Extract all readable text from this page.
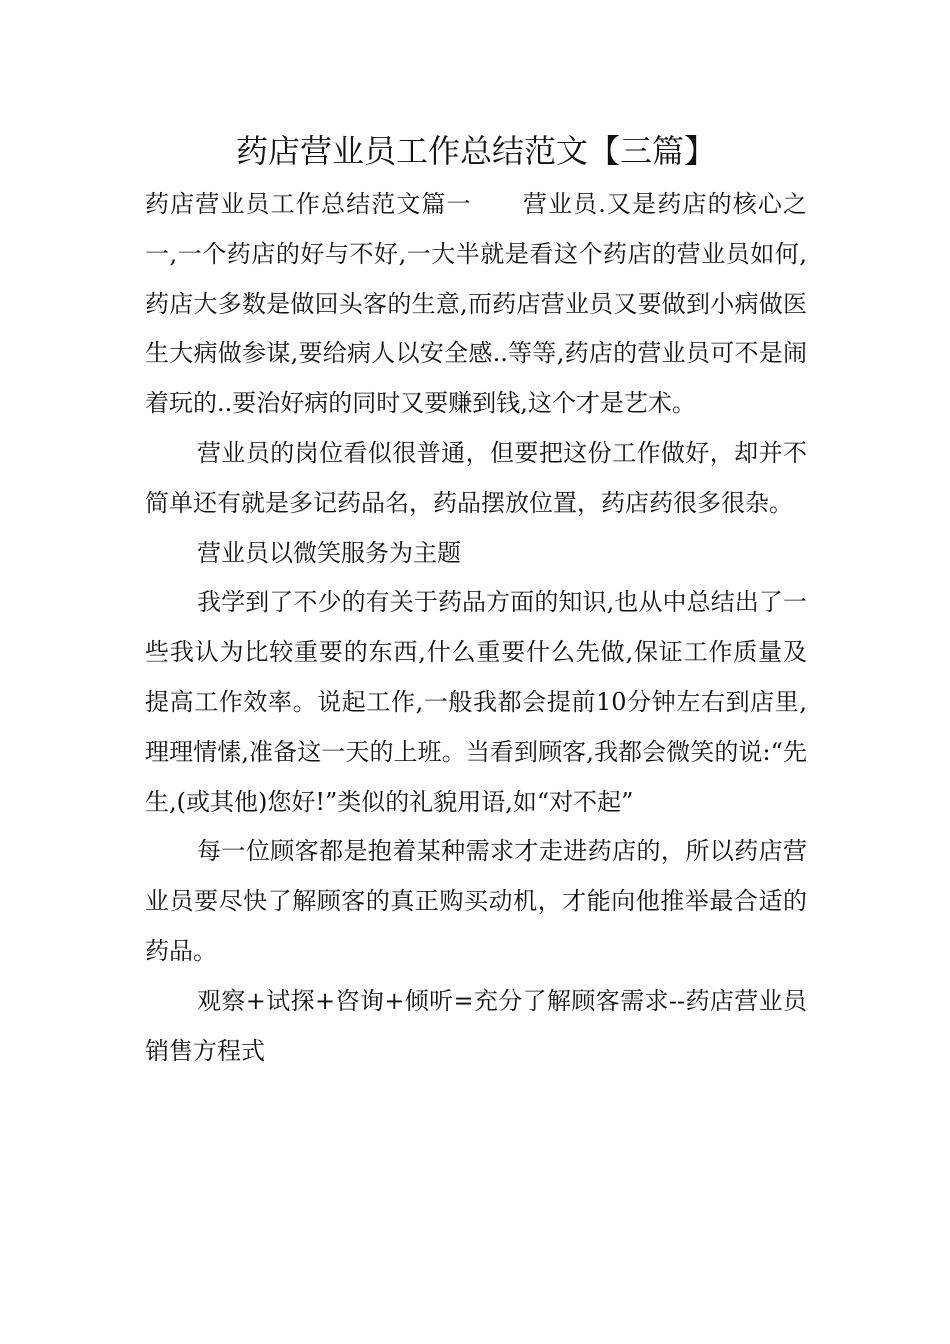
药店营业员工作总结范文【三篇】

药店营业员工作总结范文篇一 营业员.又是药店的核心之一,一个药店的好与不好,一大半就是看这个药店的营业员如何,药店大多数是做回头客的生意,而药店营业员又要做到小病做医生大病做参谋,要给病人以安全感..等等,药店的营业员可不是闹着玩的..要治好病的同时又要赚到钱,这个才是艺术。

营业员的岗位看似很普通，但要把这份工作做好，却并不简单还有就是多记药品名，药品摆放位置，药店药很多很杂。

营业员以微笑服务为主题

我学到了不少的有关于药品方面的知识,也从中总结出了一些我认为比较重要的东西,什么重要什么先做,保证工作质量及提高工作效率。说起工作,一般我都会提前10分钟左右到店里,理理情愫,准备这一天的上班。当看到顾客,我都会微笑的说:“先生,(或其他)您好!”类似的礼貌用语,如“对不起”

每一位顾客都是抱着某种需求才走进药店的，所以药店营业员要尽快了解顾客的真正购买动机，才能向他推举最合适的药品。

观察+试探+咨询+倾听=充分了解顾客需求--药店营业员销售方程式
